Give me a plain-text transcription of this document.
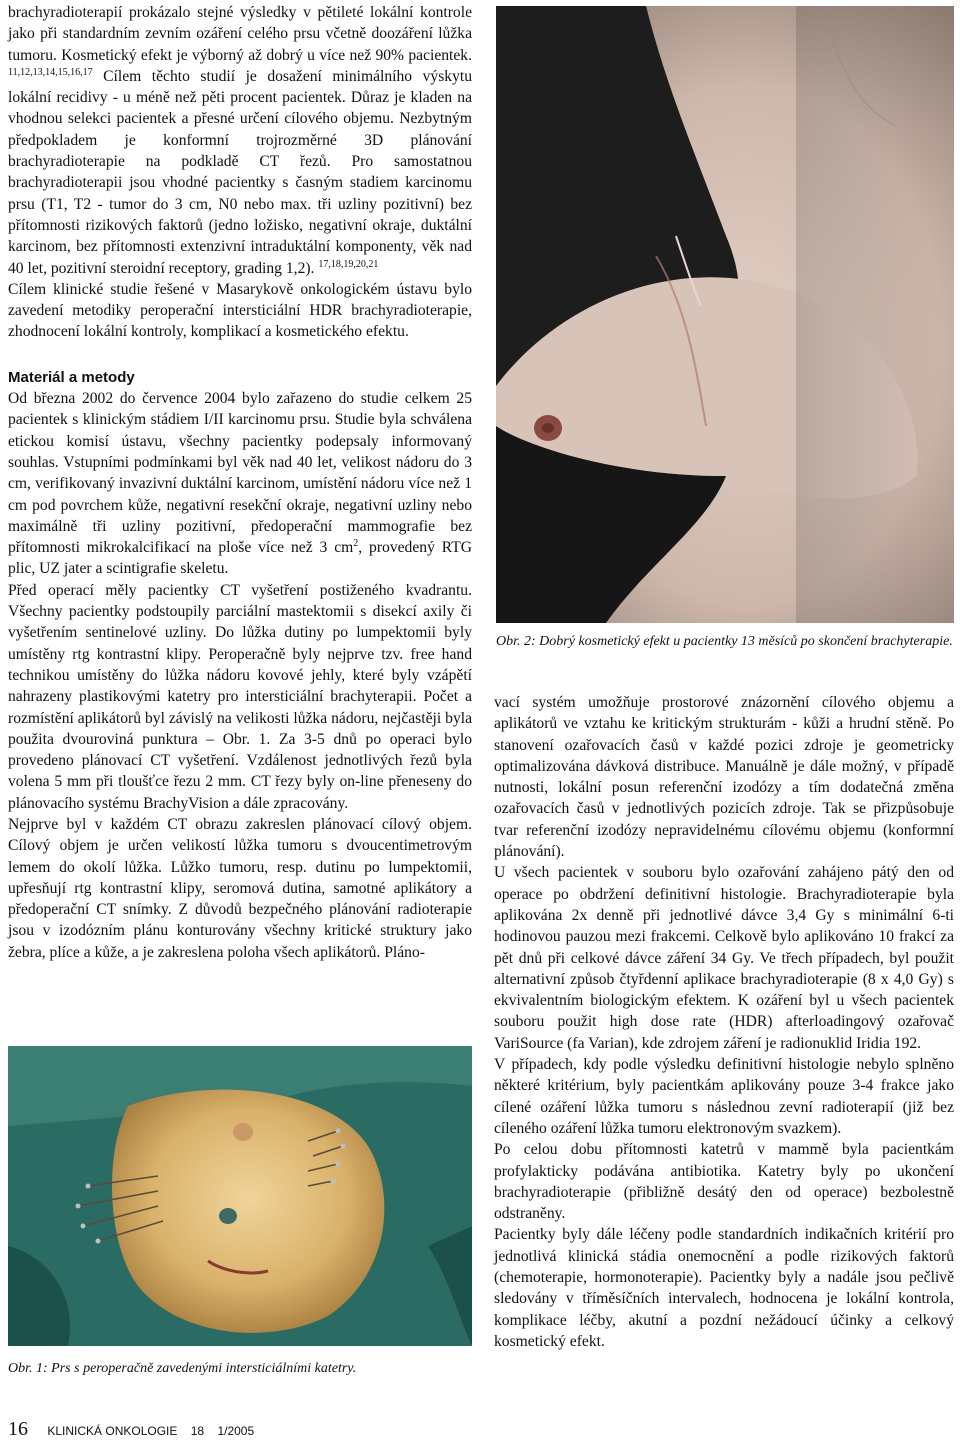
brachyradioterapií prokázalo stejné výsledky v pětileté lokální kontrole jako při standardním zevním ozáření celého prsu včetně doozáření lůžka tumoru. Kosmetický efekt je výborný až dobrý u více než 90% pacientek. $^{11,12,13,14,15,16,17}$ Cílem těchto studií je dosažení minimálního výskytu lokální recidivy - u méně než pěti procent pacientek. Důraz je kladen na vhodnou selekci pacientek a přesné určení cílového objemu. Nezbytným předpokladem je konformní trojrozměrné 3D plánování brachyradioterapie na podkladě CT řezů. Pro samostatnou brachyradioterapii jsou vhodné pacientky s časným stadiem karcinomu prsu (T1, T2 - tumor do 3 cm, N0 nebo max. tři uzliny pozitivní) bez přítomnosti rizikových faktorů (jedno ložisko, negativní okraje, duktální karcinom, bez přítomnosti extenzivní intraduktální komponenty, věk nad 40 let, pozitivní steroidní receptory, grading 1,2). $^{17,18,19,20,21}$

Cílem klinické studie řešené v Masarykově onkologickém ústavu bylo zavedení metodiky peroperační intersticiální HDR brachyradioterapie, zhodnocení lokální kontroly, komplikací a kosmetického efektu.

Materiál a metody

Od března 2002 do července 2004 bylo zařazeno do studie celkem 25 pacientek s klinickým stádiem I/II karcinomu prsu. Studie byla schválena etickou komisí ústavu, všechny pacientky podepsaly informovaný souhlas. Vstupními podmínkami byl věk nad 40 let, velikost nádoru do 3 cm, verifikovaný invazivní duktální karcinom, umístění nádoru více než 1 cm pod povrchem kůže, negativní resekční okraje, negativní uzliny nebo maximálně tři uzliny pozitivní, předoperační mammografie bez přítomnosti mikrokalcifikací na ploše více než 3 $cm^2$, provedený RTG plic, UZ jater a scintigrafie skeletu.

Před operací měly pacientky CT vyšetření postiženého kvadrantu. Všechny pacientky podstoupily parciální mastektomii s disekcí axily či vyšetřením sentinelové uzliny. Do lůžka dutiny po lumpektomii byly umístěny rtg kontrastní klipy. Peroperačně byly nejprve tzv. free hand technikou umístěny do lůžka nádoru kovové jehly, které byly vzápětí nahrazeny plastikovými katetry pro intersticiální brachyterapii. Počet a rozmístění aplikátorů byl závislý na velikosti lůžka nádoru, nejčastěji byla použita dvouroviná punktura – Obr. 1. Za 3-5 dnů po operaci bylo provedeno plánovací CT vyšetření. Vzdálenost jednotlivých řezů byla volena 5 mm při tloušťce řezu 2 mm. CT řezy byly on-line přeneseny do plánovacího systému BrachyVision a dále zpracovány.

Nejprve byl v každém CT obrazu zakreslen plánovací cílový objem. Cílový objem je určen velikostí lůžka tumoru s dvoucentimetrovým lemem do okolí lůžka. Lůžko tumoru, resp. dutinu po lumpektomii, upřesňují rtg kontrastní klipy, seromová dutina, samotné aplikátory a předoperační CT snímky. Z důvodů bezpečného plánování radioterapie jsou v izodózním plánu konturovány všechny kritické struktury jako žebra, plíce a kůže, a je zakreslena poloha všech aplikátorů. Pláno-

Obr. 2: Dobrý kosmetický efekt u pacientky 13 měsíců po skončení brachyterapie.

vací systém umožňuje prostorové znázornění cílového objemu a aplikátorů ve vztahu ke kritickým strukturám - kůži a hrudní stěně. Po stanovení ozařovacích časů v každé pozici zdroje je geometricky optimalizována dávková distribuce. Manuálně je dále možný, v případě nutnosti, lokální posun referenční izodózy a tím dodatečná změna ozařovacích časů v jednotlivých pozicích zdroje. Tak se přizpůsobuje tvar referenční izodózy nepravidelnému cílovému objemu (konformní plánování).

U všech pacientek v souboru bylo ozařování zahájeno pátý den od operace po obdržení definitivní histologie. Brachyradioterapie byla aplikována 2x denně při jednotlivé dávce 3,4 Gy s minimální 6-ti hodinovou pauzou mezi frakcemi. Celkově bylo aplikováno 10 frakcí za pět dnů při celkové dávce záření 34 Gy. Ve třech případech, byl použit alternativní způsob čtyřdenní aplikace brachyradioterapie (8 x 4,0 Gy) s ekvivalentním biologickým efektem. K ozáření byl u všech pacientek souboru použit high dose rate (HDR) afterloadingový ozařovač VariSource (fa Varian), kde zdrojem záření je radionuklid Iridia 192.

V případech, kdy podle výsledku definitivní histologie nebylo splněno některé kritérium, byly pacientkám aplikovány pouze 3-4 frakce jako cílené ozáření lůžka tumoru s následnou zevní radioterapií (již bez cíleného ozáření lůžka tumoru elektronovým svazkem).

Po celou dobu přítomnosti katetrů v mammě byla pacientkám profylakticky podávána antibiotika. Katetry byly po ukončení brachyradioterapie (přibližně desátý den od operace) bezbolestně odstraněny.

Pacientky byly dále léčeny podle standardních indikačních kritérií pro jednotlivá klinická stádia onemocnění a podle rizikových faktorů (chemoterapie, hormonoterapie). Pacientky byly a nadále jsou pečlivě sledovány v tříměsíčních intervalech, hodnocena je lokální kontrola, komplikace léčby, akutní a pozdní nežádoucí účinky a celkový kosmetický efekt.

Obr. 1: Prs s peroperačně zavedenými intersticiálními katetry.
16 KLINICKÁ ONKOLOGIE 18 1/2005
